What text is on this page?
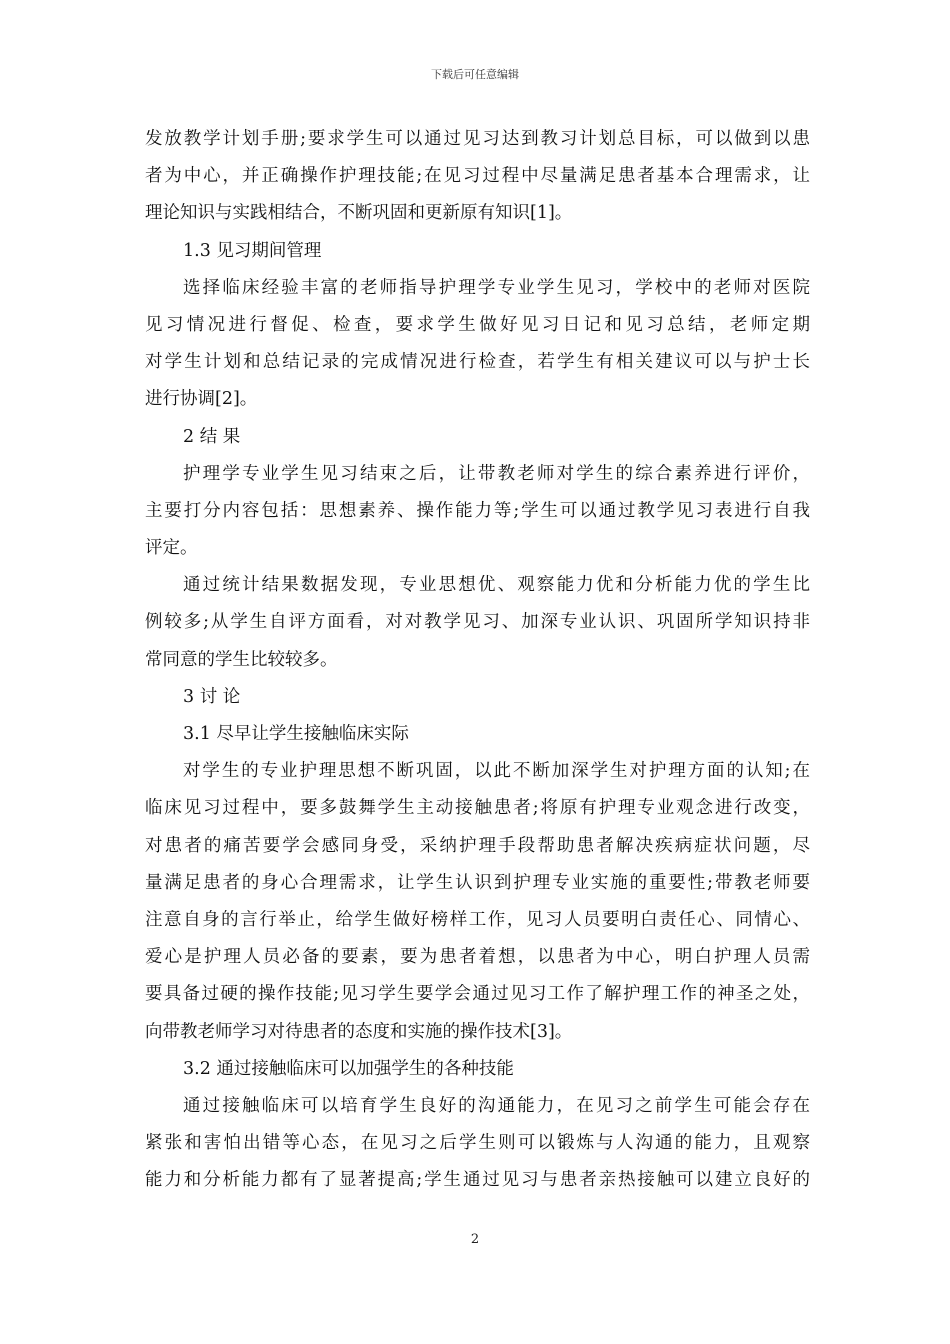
下载后可任意编辑
发放教学计划手册;要求学生可以通过见习达到教习计划总目标，可以做到以患
者为中心，并正确操作护理技能;在见习过程中尽量满足患者基本合理需求，让
理论知识与实践相结合，不断巩固和更新原有知识[1]。
1.3 见习期间管理
选择临床经验丰富的老师指导护理学专业学生见习，学校中的老师对医院
见习情况进行督促、检查，要求学生做好见习日记和见习总结，老师定期
对学生计划和总结记录的完成情况进行检查，若学生有相关建议可以与护士长
进行协调[2]。
2 结 果
护理学专业学生见习结束之后，让带教老师对学生的综合素养进行评价，
主要打分内容包括：思想素养、操作能力等;学生可以通过教学见习表进行自我
评定。
通过统计结果数据发现，专业思想优、观察能力优和分析能力优的学生比
例较多;从学生自评方面看，对对教学见习、加深专业认识、巩固所学知识持非
常同意的学生比较较多。
3 讨 论
3.1 尽早让学生接触临床实际
对学生的专业护理思想不断巩固，以此不断加深学生对护理方面的认知;在
临床见习过程中，要多鼓舞学生主动接触患者;将原有护理专业观念进行改变，
对患者的痛苦要学会感同身受，采纳护理手段帮助患者解决疾病症状问题，尽
量满足患者的身心合理需求，让学生认识到护理专业实施的重要性;带教老师要
注意自身的言行举止，给学生做好榜样工作，见习人员要明白责任心、同情心、
爱心是护理人员必备的要素，要为患者着想，以患者为中心，明白护理人员需
要具备过硬的操作技能;见习学生要学会通过见习工作了解护理工作的神圣之处，
向带教老师学习对待患者的态度和实施的操作技术[3]。
3.2 通过接触临床可以加强学生的各种技能
通过接触临床可以培育学生良好的沟通能力，在见习之前学生可能会存在
紧张和害怕出错等心态，在见习之后学生则可以锻炼与人沟通的能力，且观察
能力和分析能力都有了显著提高;学生通过见习与患者亲热接触可以建立良好的
2
